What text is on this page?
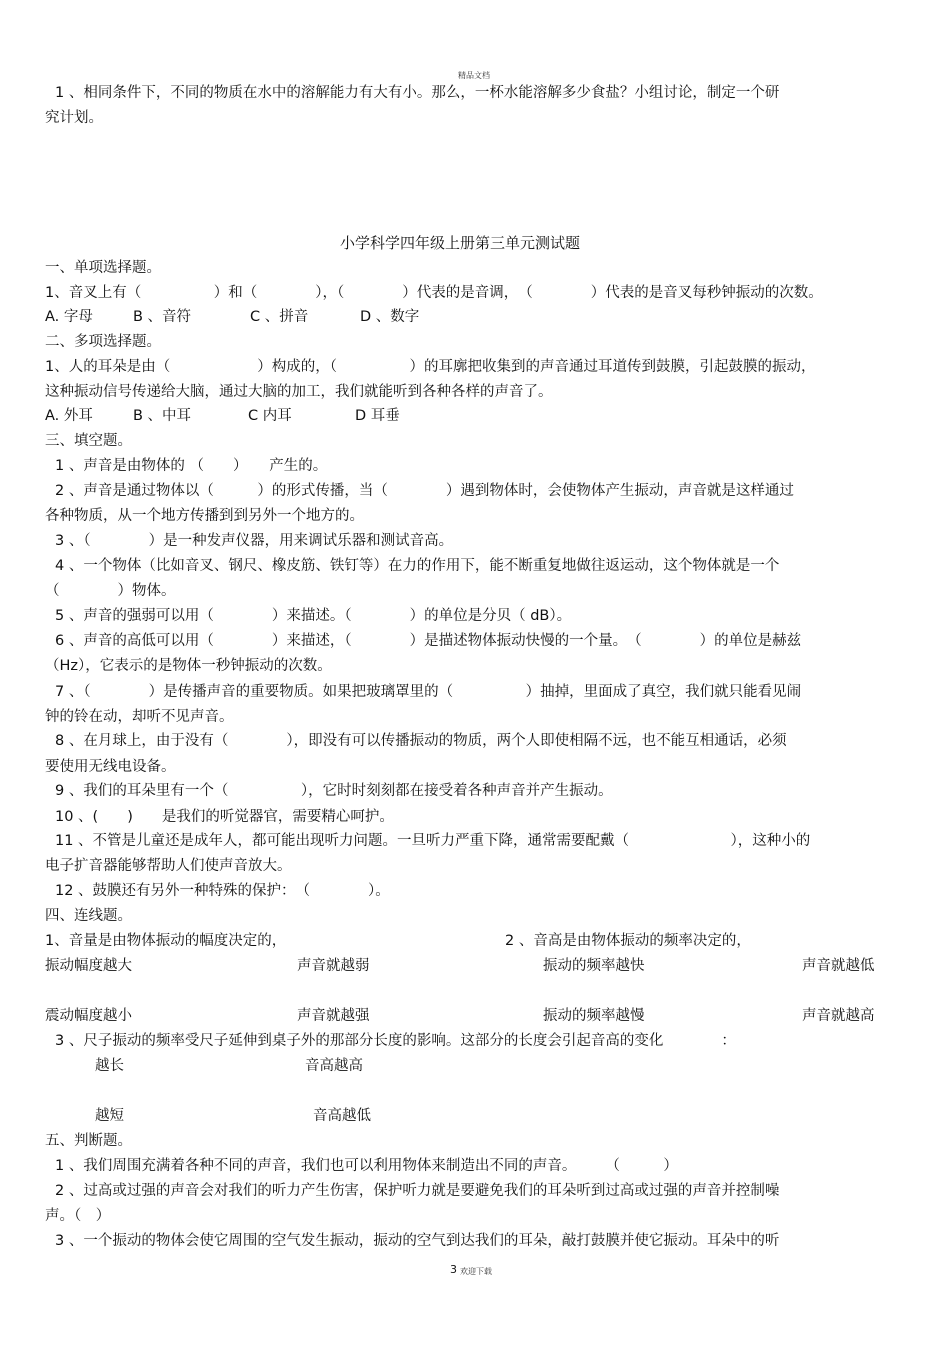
精品文档
1 、相同条件下，不同的物质在水中的溶解能力有大有小。那么，一杯水能溶解多少食盐？小组讨论，制定一个研
究计划。
小学科学四年级上册第三单元测试题
一、单项选择题。
1、音叉上有（　　　　　）和（　　　　），（　　　　）代表的是音调，　（　　　　）代表的是音叉每秒钟振动的次数。
A. 字母	B 、音符	C 、拼音	D 、数字
二、多项选择题。
1、人的耳朵是由（　　　　　　）构成的，（　　　　　）的耳廓把收集到的声音通过耳道传到鼓膜，引起鼓膜的振动，
这种振动信号传递给大脑，通过大脑的加工，我们就能听到各种各样的声音了。
A. 外耳	B 、中耳	C 内耳	D 耳垂
三、填空题。
1 、声音是由物体的 （　　）　　产生的。
2 、声音是通过物体以（　　　）的形式传播，当（　　　　）遇到物体时，会使物体产生振动，声音就是这样通过
各种物质，从一个地方传播到到另外一个地方的。
3 、（　　　　）是一种发声仪器，用来调试乐器和测试音高。
4 、一个物体（比如音叉、钢尺、橡皮筋、铁钉等）在力的作用下，能不断重复地做往返运动，这个物体就是一个
（　　　　）物体。
5 、声音的强弱可以用（　　　　）来描述。（　　　　）的单位是分贝（ dB）。
6 、声音的高低可以用（　　　　）来描述，（　　　　）是描述物体振动快慢的一个量。　（　　　　）的单位是赫兹
（Hz），它表示的是物体一秒钟振动的次数。
7 、（　　　　）是传播声音的重要物质。如果把玻璃罩里的（　　　　　）抽掉，里面成了真空，我们就只能看见闹
钟的铃在动，却听不见声音。
8 、在月球上，由于没有（　　　　），即没有可以传播振动的物质，两个人即使相隔不远，也不能互相通话，必须
要使用无线电设备。
9 、我们的耳朵里有一个（　　　　　），它时时刻刻都在接受着各种声音并产生振动。
10 、(　　)　　是我们的听觉器官，需要精心呵护。
11 、不管是儿童还是成年人，都可能出现听力问题。一旦听力严重下降，通常需要配戴（　　　　　　　），这种小的
电子扩音器能够帮助人们使声音放大。
12 、鼓膜还有另外一种特殊的保护：　（　　　　）。
四、连线题。
1、音量是由物体振动的幅度决定的，	2 、音高是由物体振动的频率决定的，
振动幅度越大	声音就越弱	振动的频率越快	声音就越低
震动幅度越小	声音就越强	振动的频率越慢	声音就越高
3 、尺子振动的频率受尺子延伸到桌子外的那部分长度的影响。这部分的长度会引起音高的变化　　　　：
越长	音高越高
越短	音高越低
五、判断题。
1 、我们周围充满着各种不同的声音，我们也可以利用物体来制造出不同的声音。　　　（　　　）
2 、过高或过强的声音会对我们的听力产生伤害，保护听力就是要避免我们的耳朵听到过高或过强的声音并控制噪
声。（　）
3 、一个振动的物体会使它周围的空气发生振动，振动的空气到达我们的耳朵，敲打鼓膜并使它振动。耳朵中的听
3 欢迎下载
